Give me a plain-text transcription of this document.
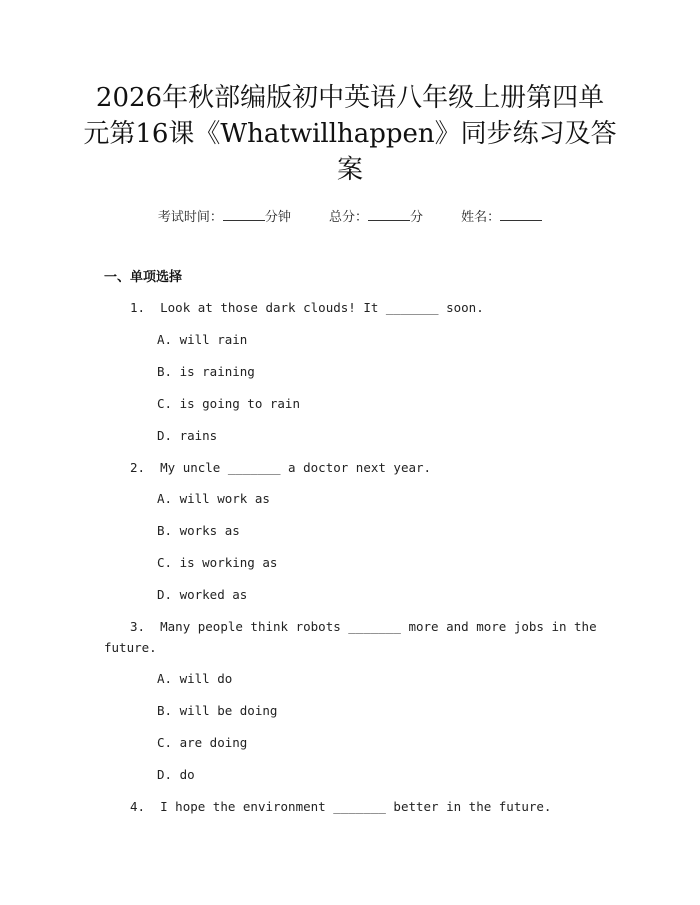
2026年秋部编版初中英语八年级上册第四单
元第16课《Whatwillhappen》同步练习及答
案
考试时间：	分钟	总分：	分	姓名：
一、单项选择
1. Look at those dark clouds! It _______ soon.
A. will rain
B. is raining
C. is going to rain
D. rains
2. My uncle _______ a doctor next year.
A. will work as
B. works as
C. is working as
D. worked as
3. Many people think robots _______ more and more jobs in the
future.
A. will do
B. will be doing
C. are doing
D. do
4. I hope the environment _______ better in the future.
